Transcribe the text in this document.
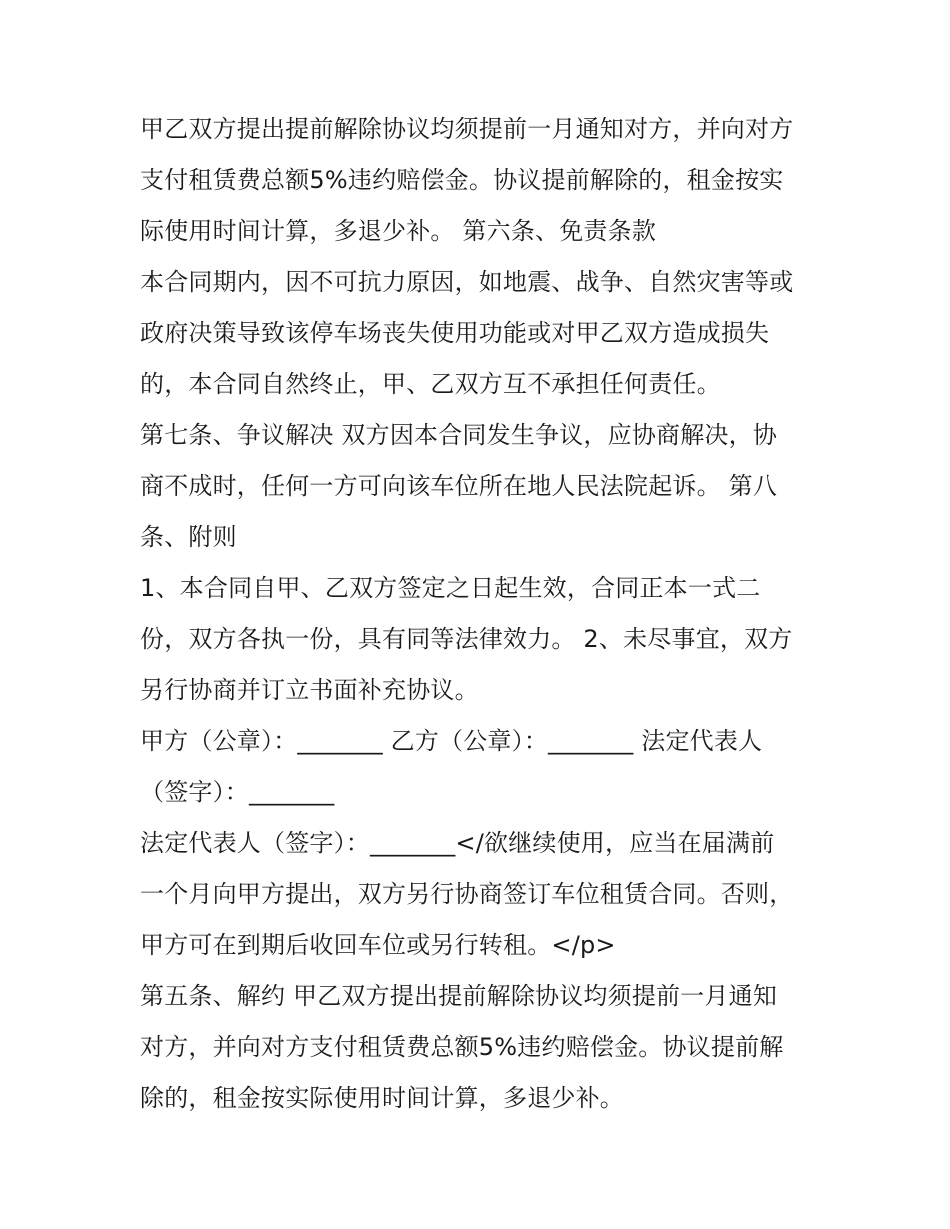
甲乙双方提出提前解除协议均须提前一月通知对方，并向对方
支付租赁费总额5%违约赔偿金。协议提前解除的，租金按实
际使用时间计算，多退少补。 第六条、免责条款
本合同期内，因不可抗力原因，如地震、战争、自然灾害等或
政府决策导致该停车场丧失使用功能或对甲乙双方造成损失
的，本合同自然终止，甲、乙双方互不承担任何责任。
第七条、争议解决 双方因本合同发生争议，应协商解决，协
商不成时，任何一方可向该车位所在地人民法院起诉。 第八
条、附则
1、本合同自甲、乙双方签定之日起生效，合同正本一式二
份，双方各执一份，具有同等法律效力。 2、未尽事宜，双方
另行协商并订立书面补充协议。
甲方（公章）：_______ 乙方（公章）：_______ 法定代表人
（签字）：_______
法定代表人（签字）：_______</欲继续使用，应当在届满前
一个月向甲方提出，双方另行协商签订车位租赁合同。否则，
甲方可在到期后收回车位或另行转租。</p>
第五条、解约 甲乙双方提出提前解除协议均须提前一月通知
对方，并向对方支付租赁费总额5%违约赔偿金。协议提前解
除的，租金按实际使用时间计算，多退少补。
